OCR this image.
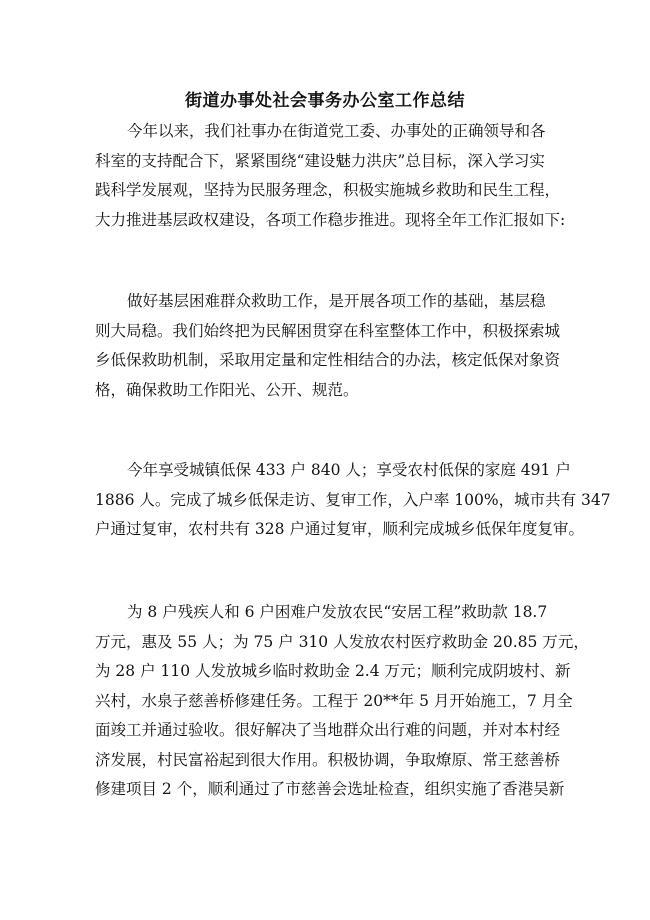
街道办事处社会事务办公室工作总结

今年以来，我们社事办在街道党工委、办事处的正确领导和各
科室的支持配合下，紧紧围绕“建设魅力洪庆”总目标，深入学习实
践科学发展观，坚持为民服务理念，积极实施城乡救助和民生工程，
大力推进基层政权建设，各项工作稳步推进。现将全年工作汇报如下:

做好基层困难群众救助工作，是开展各项工作的基础，基层稳
则大局稳。我们始终把为民解困贯穿在科室整体工作中，积极探索城
乡低保救助机制，采取用定量和定性相结合的办法，核定低保对象资
格，确保救助工作阳光、公开、规范。

今年享受城镇低保 433 户 840 人；享受农村低保的家庭 491 户
1886 人。完成了城乡低保走访、复审工作，入户率 100%，城市共有 347
户通过复审，农村共有 328 户通过复审，顺利完成城乡低保年度复审。

为 8 户残疾人和 6 户困难户发放农民“安居工程”救助款 18.7
万元，惠及 55 人；为 75 户 310 人发放农村医疗救助金 20.85 万元，
为 28 户 110 人发放城乡临时救助金 2.4 万元；顺利完成阴坡村、新
兴村，水泉子慈善桥修建任务。工程于 20**年 5 月开始施工，7 月全
面竣工并通过验收。很好解决了当地群众出行难的问题，并对本村经
济发展，村民富裕起到很大作用。积极协调，争取燎原、常王慈善桥
修建项目 2 个，顺利通过了市慈善会选址检查，组织实施了香港吴新
